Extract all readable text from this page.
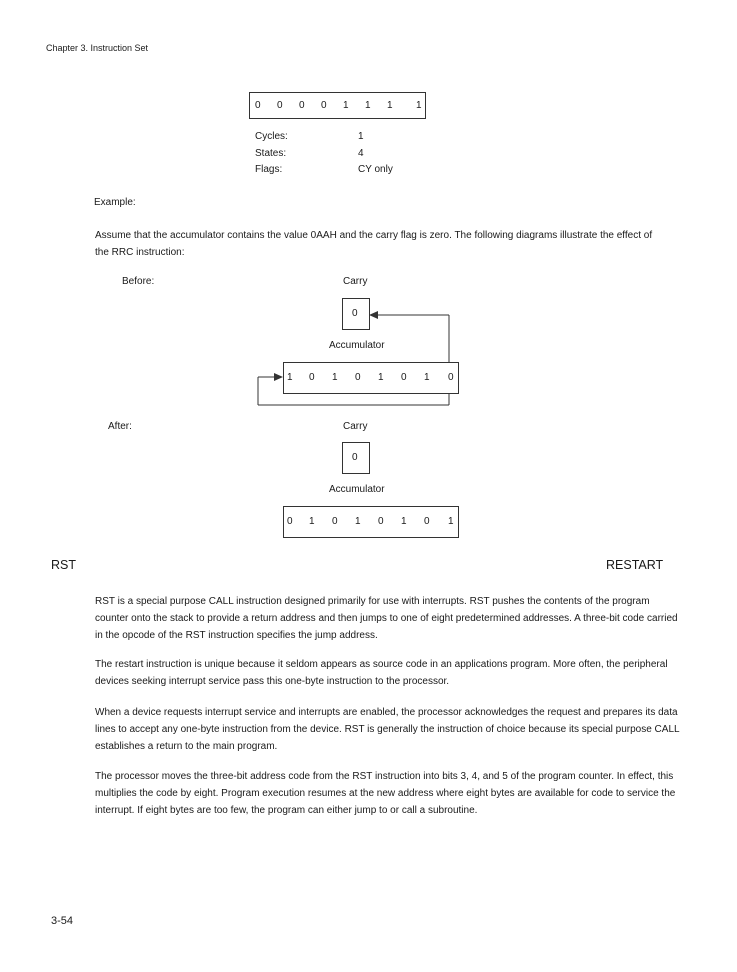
Chapter 3. Instruction Set
0 0 0 0 1 1 1 1
Cycles:	1
States:	4
Flags:	CY only
Example:
Assume that the accumulator contains the value 0AAH and the carry flag is zero. The following diagrams illustrate the effect of the RRC instruction:
Before:	Carry
0
Accumulator
1 0 1 0 1 0 1 0
After:	Carry
0
Accumulator
0 1 0 1 0 1 0 1
RST	RESTART
RST is a special purpose CALL instruction designed primarily for use with interrupts. RST pushes the contents of the program counter onto the stack to provide a return address and then jumps to one of eight predetermined addresses. A three-bit code carried in the opcode of the RST instruction specifies the jump address.
The restart instruction is unique because it seldom appears as source code in an applications program. More often, the peripheral devices seeking interrupt service pass this one-byte instruction to the processor.
When a device requests interrupt service and interrupts are enabled, the processor acknowledges the request and prepares its data lines to accept any one-byte instruction from the device. RST is generally the instruction of choice because its special purpose CALL establishes a return to the main program.
The processor moves the three-bit address code from the RST instruction into bits 3, 4, and 5 of the program counter. In effect, this multiplies the code by eight. Program execution resumes at the new address where eight bytes are available for code to service the interrupt. If eight bytes are too few, the program can either jump to or call a subroutine.
3-54
